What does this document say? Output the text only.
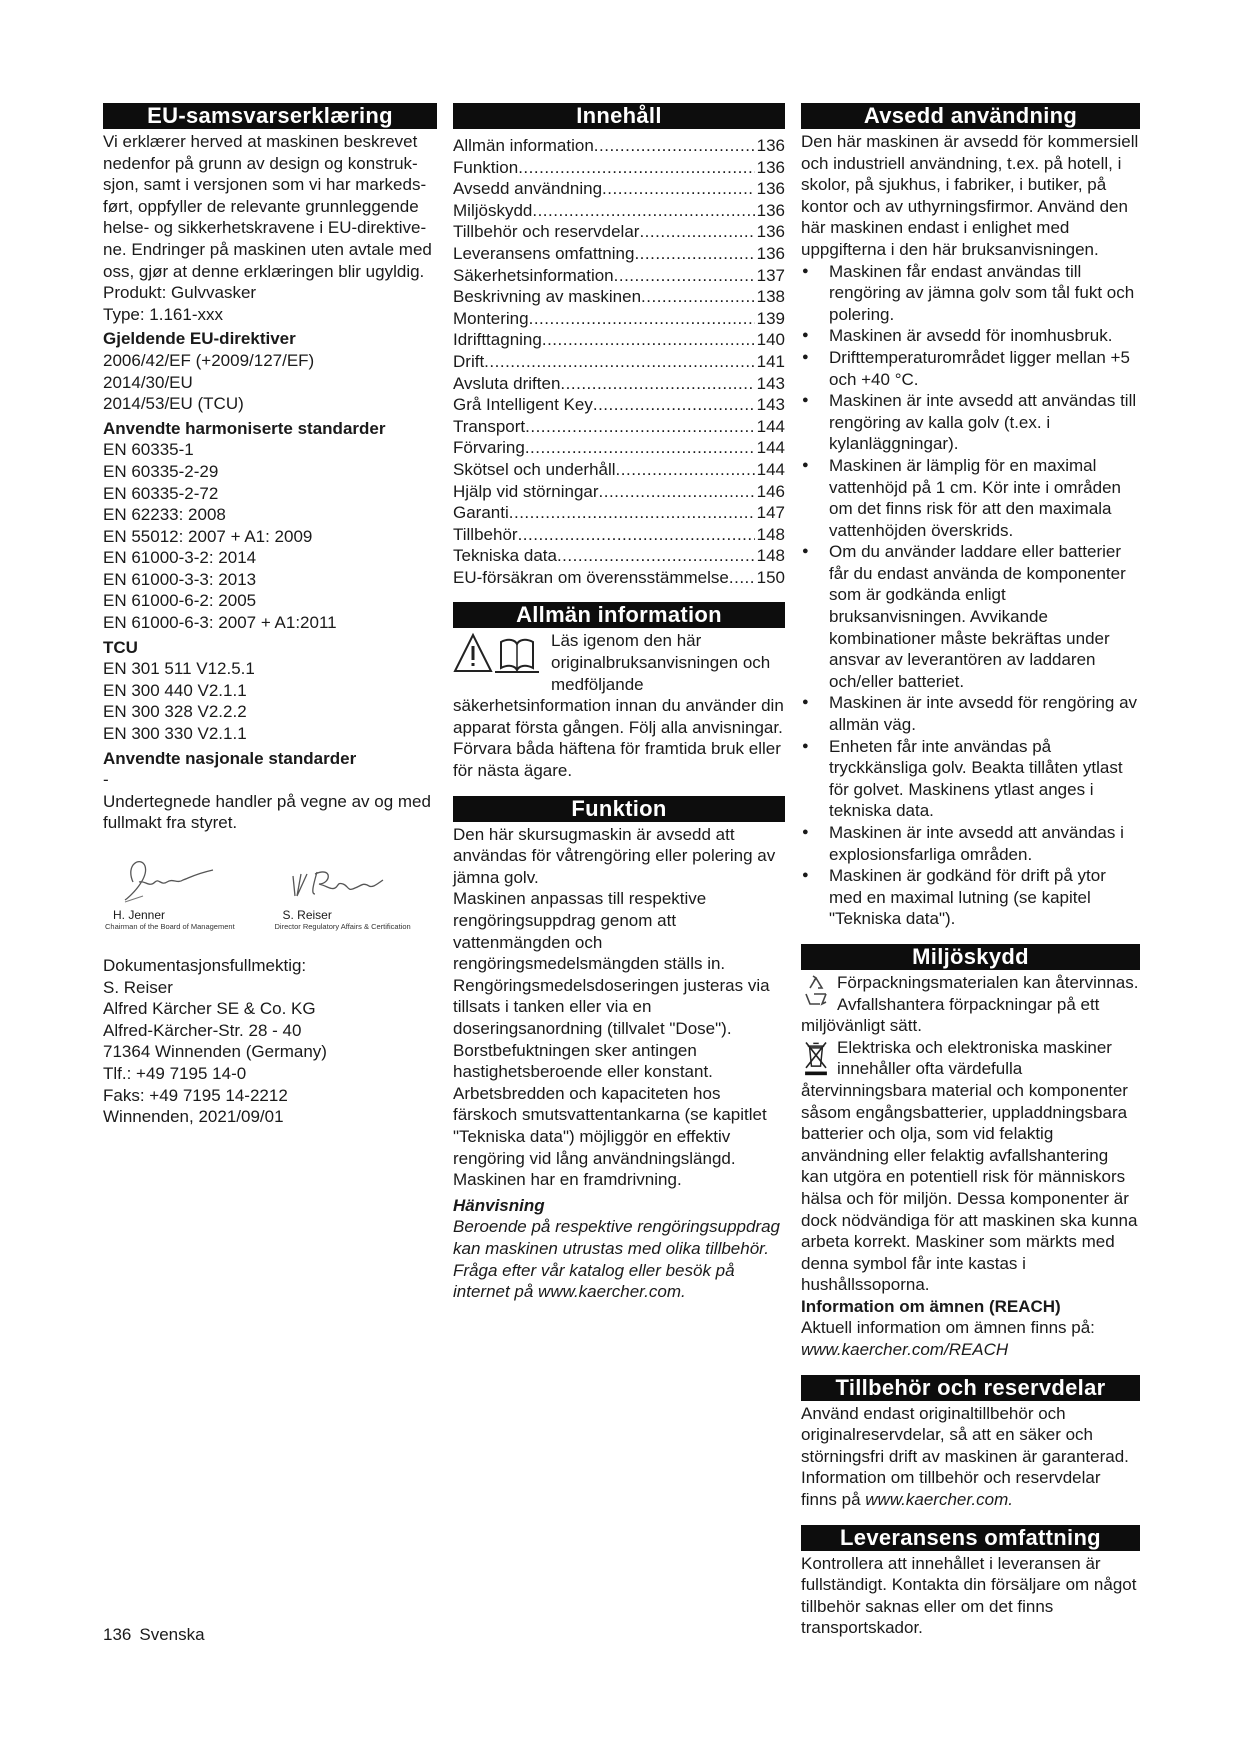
EU-samsvarserklæring
Vi erklærer herved at maskinen beskrevet
nedenfor på grunn av design og konstruk-
sjon, samt i versjonen som vi har markeds-
ført, oppfyller de relevante grunnleggende
helse- og sikkerhetskravene i EU-direktive-
ne. Endringer på maskinen uten avtale med
oss, gjør at denne erklæringen blir ugyldig.

Produkt: Gulvvasker

Type: 1.161-xxx

Gjeldende EU-direktiver

2006/42/EF (+2009/127/EF)

2014/30/EU

2014/53/EU (TCU)

Anvendte harmoniserte standarder

EN 60335-1

EN 60335-2-29

EN 60335-2-72

EN 62233: 2008

EN 55012: 2007 + A1: 2009

EN 61000-3-2: 2014

EN 61000-3-3: 2013

EN 61000-6-2: 2005

EN 61000-6-3: 2007 + A1:2011

TCU

EN 301 511 V12.5.1

EN 300 440 V2.1.1

EN 300 328 V2.2.2

EN 300 330 V2.1.1

Anvendte nasjonale standarder

-

Undertegnede handler på vegne av og med fullmakt fra styret.

H. Jenner
Chairman of the Board of Management
S. Reiser
Director Regulatory Affairs & Certification

Dokumentasjonsfullmektig:

S. Reiser

Alfred Kärcher SE & Co. KG

Alfred-Kärcher-Str. 28 - 40

71364 Winnenden (Germany)

Tlf.: +49 7195 14-0

Faks: +49 7195 14-2212

Winnenden, 2021/09/01

Innehåll
Allmän information .....	136
Funktion .....	136
Avsedd användning .....	136
Miljöskydd .....	136
Tillbehör och reservdelar .....	136
Leveransens omfattning .....	136
Säkerhetsinformation .....	137
Beskrivning av maskinen .....	138
Montering .....	139
Idrifttagning .....	140
Drift .....	141
Avsluta driften .....	143
Grå Intelligent Key .....	143
Transport .....	144
Förvaring .....	144
Skötsel och underhåll .....	144
Hjälp vid störningar .....	146
Garanti .....	147
Tillbehör .....	148
Tekniska data .....	148
EU-försäkran om överensstämmelse ..... 150
Allmän information
Läs igenom den här originalbruksanvisningen och medföljande säkerhetsinformation innan du använder din apparat första gången. Följ alla anvisningar.

Förvara båda häftena för framtida bruk eller för nästa ägare.

Funktion

Den här skursugmaskin är avsedd att användas för våtrengöring eller polering av jämna golv.

Maskinen anpassas till respektive rengöringsuppdrag genom att vattenmängden och rengöringsmedelsmängden ställs in.

Rengöringsmedelsdoseringen justeras via tillsats i tanken eller via en doseringsanordning (tillvalet "Dose").

Borstbefuktningen sker antingen hastighetsberoende eller konstant.

Arbetsbredden och kapaciteten hos färskoch smutsvattentankarna (se kapitlet "Tekniska data") möjliggör en effektiv rengöring vid lång användningslängd.

Maskinen har en framdrivning.

Hänvisning

Beroende på respektive rengöringsuppdrag kan maskinen utrustas med olika tillbehör. Fråga efter vår katalog eller besök på internet på www.kaercher.com.

Avsedd användning

Den här maskinen är avsedd för kommersiell och industriell användning, t.ex. på hotell, i skolor, på sjukhus, i fabriker, i butiker, på kontor och av uthyrningsfirmor. Använd den här maskinen endast i enlighet med uppgifterna i den här bruksanvisningen.

● Maskinen får endast användas till rengöring av jämna golv som tål fukt och polering.
● Maskinen är avsedd för inomhusbruk.
● Drifttemperaturområdet ligger mellan +5 och +40 °C.
● Maskinen är inte avsedd att användas till rengöring av kalla golv (t.ex. i kylanläggningar).
● Maskinen är lämplig för en maximal vattenhöjd på 1 cm. Kör inte i områden om det finns risk för att den maximala vattenhöjden överskrids.
● Om du använder laddare eller batterier får du endast använda de komponenter som är godkända enligt bruksanvisningen. Avvikande kombinationer måste bekräftas under ansvar av leverantören av laddaren och/eller batteriet.
● Maskinen är inte avsedd för rengöring av allmän väg.
● Enheten får inte användas på tryckkänsliga golv. Beakta tillåten ytlast för golvet. Maskinens ytlast anges i tekniska data.
● Maskinen är inte avsedd att användas i explosionsfarliga områden.
● Maskinen är godkänd för drift på ytor med en maximal lutning (se kapitel "Tekniska data").
Miljöskydd
Förpackningsmaterialen kan återvinnas. Avfallshantera förpackningar på ett miljövänligt sätt.
Elektriska och elektroniska maskiner innehåller ofta värdefulla återvinningsbara material och komponenter såsom engångsbatterier, uppladdningsbara batterier och olja, som vid felaktig användning eller felaktig avfallshantering kan utgöra en potentiell risk för människors hälsa och för miljön. Dessa komponenter är dock nödvändiga för att maskinen ska kunna arbeta korrekt. Maskiner som märkts med denna symbol får inte kastas i hushållssoporna.

Information om ämnen (REACH)

Aktuell information om ämnen finns på:

www.kaercher.com/REACH

Tillbehör och reservdelar

Använd endast originaltillbehör och originalreservdelar, så att en säker och störningsfri drift av maskinen är garanterad. Information om tillbehör och reservdelar finns på www.kaercher.com.

Leveransens omfattning

Kontrollera att innehållet i leveransen är fullständigt. Kontakta din försäljare om något tillbehör saknas eller om det finns transportskador.

136 Svenska
